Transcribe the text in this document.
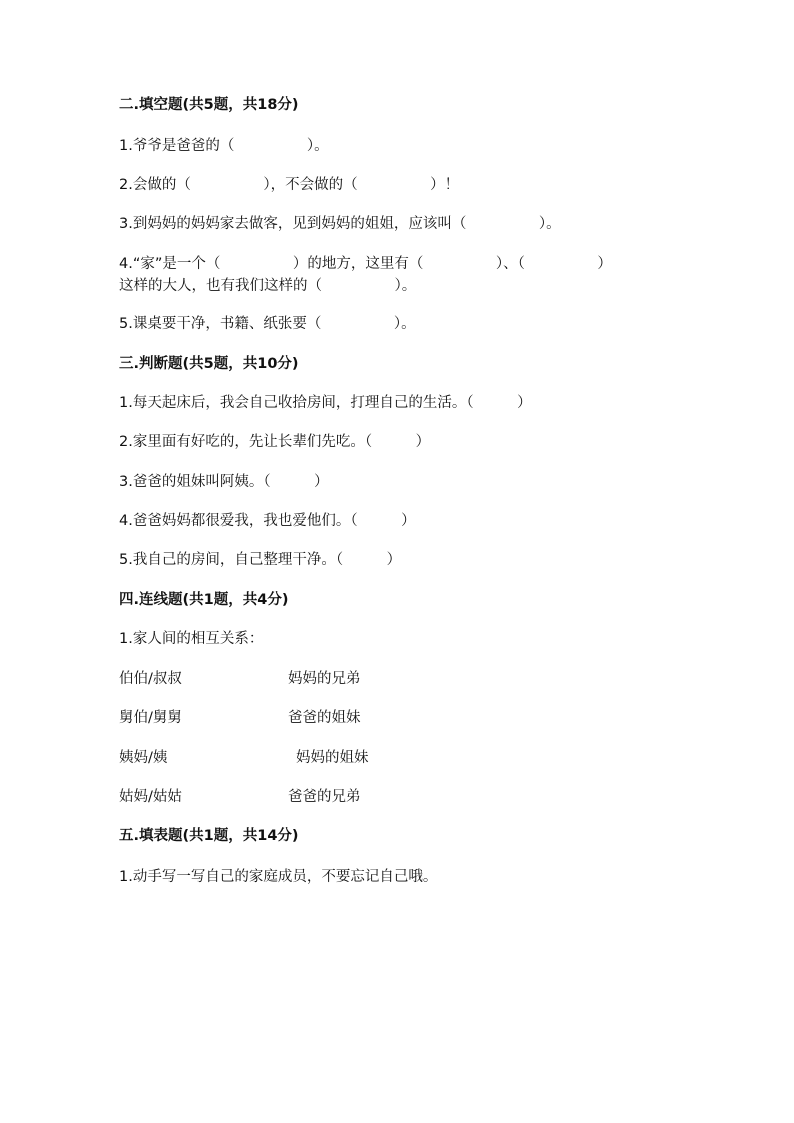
二.填空题(共5题，共18分)
1.爷爷是爸爸的（　　　　　）。
2.会做的（　　　　　），不会做的（　　　　　）！
3.到妈妈的妈妈家去做客，见到妈妈的姐姐，应该叫（　　　　　）。
4.“家”是一个（　　　　　）的地方，这里有（　　　　　）、（　　　　　）
这样的大人，也有我们这样的（　　　　　）。
5.课桌要干净，书籍、纸张要（　　　　　）。
三.判断题(共5题，共10分)
1.每天起床后，我会自己收拾房间，打理自己的生活。（　　　）
2.家里面有好吃的，先让长辈们先吃。（　　　）
3.爸爸的姐妹叫阿姨。（　　　）
4.爸爸妈妈都很爱我，我也爱他们。（　　　）
5.我自己的房间，自己整理干净。（　　　）
四.连线题(共1题，共4分)
1.家人间的相互关系：
伯伯/叔叔	妈妈的兄弟
舅伯/舅舅	爸爸的姐妹
姨妈/姨	妈妈的姐妹
姑妈/姑姑	爸爸的兄弟
五.填表题(共1题，共14分)
1.动手写一写自己的家庭成员，不要忘记自己哦。
